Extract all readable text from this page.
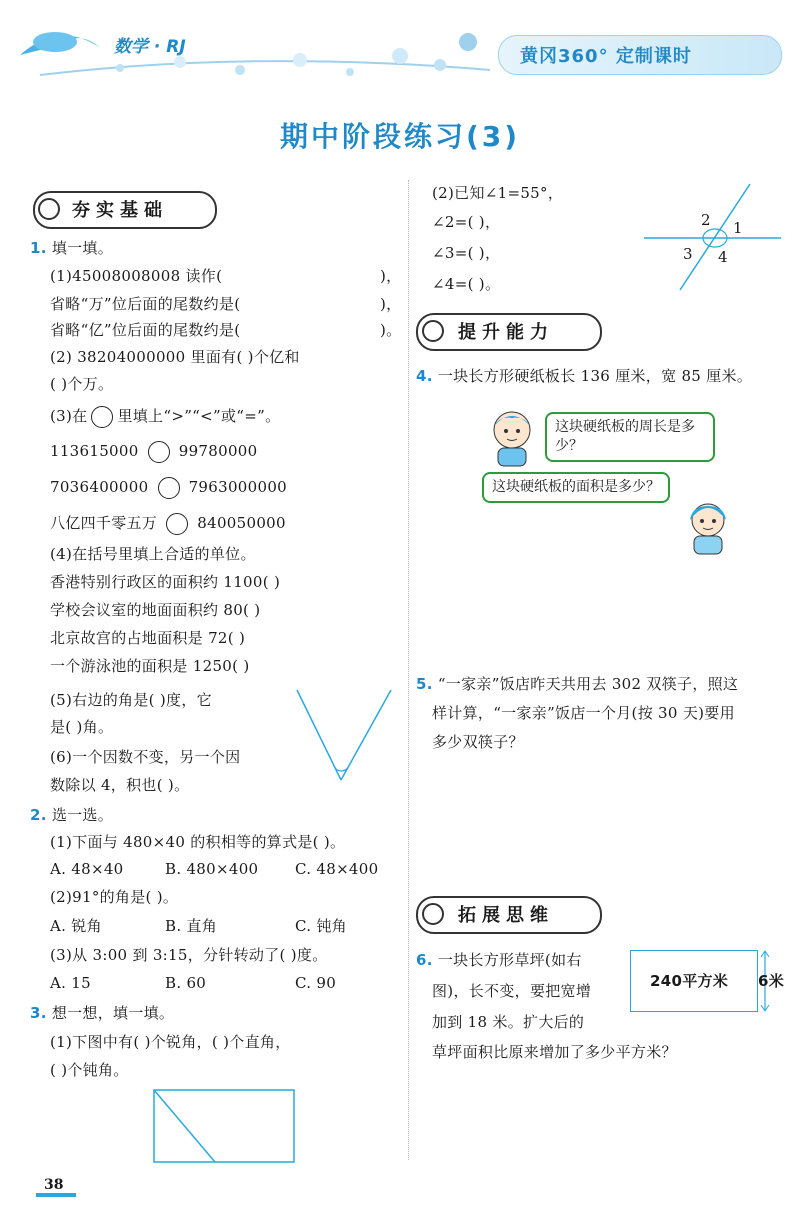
数学 · RJ	黄冈360° 定制课时
期中阶段练习(3)
夯实基础
1. 填一填。
(1)45008008008 读作(	)，
省略“万”位后面的尾数约是(	)，
省略“亿”位后面的尾数约是(	)。
(2) 38204000000 里面有( )个亿和
( )个万。
(3)在 里填上“>”“<”或“=”。
113615000	99780000
7036400000	7963000000
八亿四千零五万	840050000
(4)在括号里填上合适的单位。
香港特别行政区的面积约 1100( )
学校会议室的地面面积约 80( )
北京故宫的占地面积是 72( )
一个游泳池的面积是 1250( )
(5)右边的角是( )度，它
是( )角。
(6)一个因数不变，另一个因
数除以 4，积也( )。
2. 选一选。
(1)下面与 480×40 的积相等的算式是( )。
A. 48×40	B. 480×400 C. 48×400
(2)91°的角是( )。
A. 锐角	B. 直角	C. 钝角
(3)从 3:00 到 3:15，分针转动了( )度。
A. 15	B. 60	C. 90
3. 想一想，填一填。
(1)下图中有( )个锐角，( )个直角，
( )个钝角。
(2)已知∠1=55°，
∠2=( )，
∠3=( )，
∠4=( )。
2 1
3 4
提升能力
4. 一块长方形硬纸板长 136 厘米，宽 85 厘米。
这块硬纸板的周长是多少？
这块硬纸板的面积是多少？
5. “一家亲”饭店昨天共用去 302 双筷子，照这
样计算，“一家亲”饭店一个月(按 30 天)要用
多少双筷子？
拓展思维
6. 一块长方形草坪(如右
图)，长不变，要把宽增
加到 18 米。扩大后的
草坪面积比原来增加了多少平方米？
240平方米 6米
38
